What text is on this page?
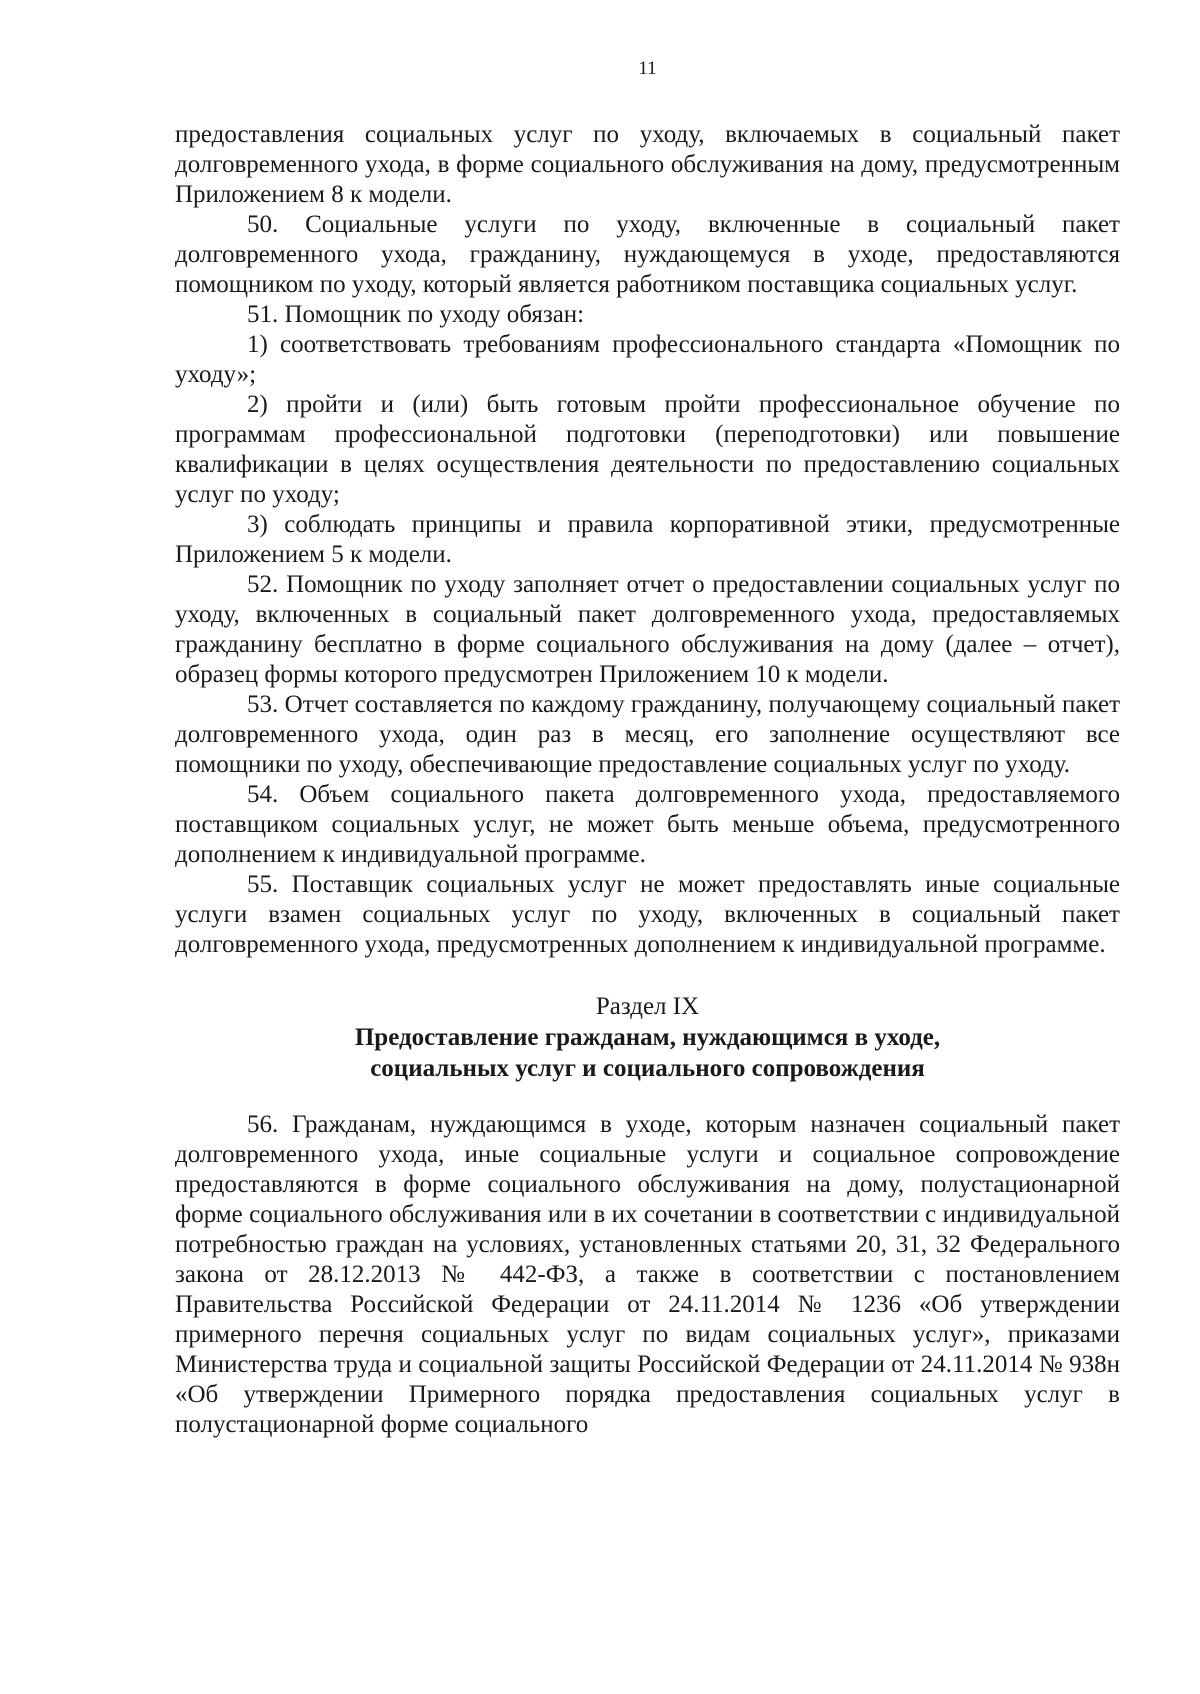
11

предоставления социальных услуг по уходу, включаемых в социальный пакет долговременного ухода, в форме социального обслуживания на дому, предусмотренным Приложением 8 к модели.

50. Социальные услуги по уходу, включенные в социальный пакет долговременного ухода, гражданину, нуждающемуся в уходе, предоставляются помощником по уходу, который является работником поставщика социальных услуг.

51. Помощник по уходу обязан:

1) соответствовать требованиям профессионального стандарта «Помощник по уходу»;

2) пройти и (или) быть готовым пройти профессиональное обучение по программам профессиональной подготовки (переподготовки) или повышение квалификации в целях осуществления деятельности по предоставлению социальных услуг по уходу;

3) соблюдать принципы и правила корпоративной этики, предусмотренные Приложением 5 к модели.

52. Помощник по уходу заполняет отчет о предоставлении социальных услуг по уходу, включенных в социальный пакет долговременного ухода, предоставляемых гражданину бесплатно в форме социального обслуживания на дому (далее – отчет), образец формы которого предусмотрен Приложением 10 к модели.

53. Отчет составляется по каждому гражданину, получающему социальный пакет долговременного ухода, один раз в месяц, его заполнение осуществляют все помощники по уходу, обеспечивающие предоставление социальных услуг по уходу.

54. Объем социального пакета долговременного ухода, предоставляемого поставщиком социальных услуг, не может быть меньше объема, предусмотренного дополнением к индивидуальной программе.

55. Поставщик социальных услуг не может предоставлять иные социальные услуги взамен социальных услуг по уходу, включенных в социальный пакет долговременного ухода, предусмотренных дополнением к индивидуальной программе.

Раздел IX

Предоставление гражданам, нуждающимся в уходе,

социальных услуг и социального сопровождения

56. Гражданам, нуждающимся в уходе, которым назначен социальный пакет долговременного ухода, иные социальные услуги и социальное сопровождение предоставляются в форме социального обслуживания на дому, полустационарной форме социального обслуживания или в их сочетании в соответствии с индивидуальной потребностью граждан на условиях, установленных статьями 20, 31, 32 Федерального закона от 28.12.2013 № 442-ФЗ, а также в соответствии с постановлением Правительства Российской Федерации от 24.11.2014 № 1236 «Об утверждении примерного перечня социальных услуг по видам социальных услуг», приказами Министерства труда и социальной защиты Российской Федерации от 24.11.2014 № 938н «Об утверждении Примерного порядка предоставления социальных услуг в полустационарной форме социального
